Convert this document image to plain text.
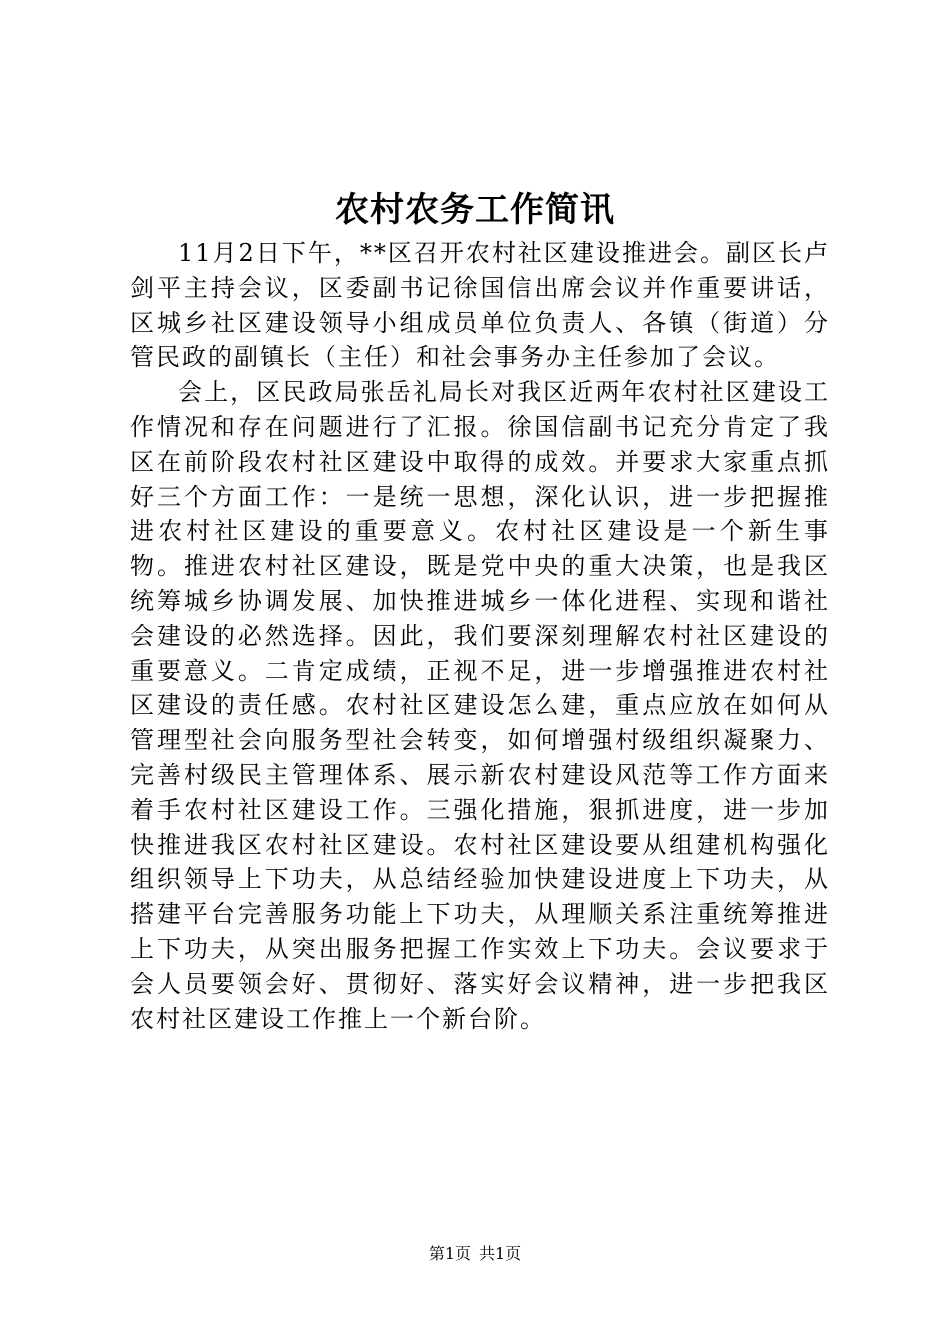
农村农务工作简讯

11月2日下午，**区召开农村社区建设推进会。副区长卢剑平主持会议，区委副书记徐国信出席会议并作重要讲话，区城乡社区建设领导小组成员单位负责人、各镇（街道）分管民政的副镇长（主任）和社会事务办主任参加了会议。

会上，区民政局张岳礼局长对我区近两年农村社区建设工作情况和存在问题进行了汇报。徐国信副书记充分肯定了我区在前阶段农村社区建设中取得的成效。并要求大家重点抓好三个方面工作：一是统一思想，深化认识，进一步把握推进农村社区建设的重要意义。农村社区建设是一个新生事物。推进农村社区建设，既是党中央的重大决策，也是我区统筹城乡协调发展、加快推进城乡一体化进程、实现和谐社会建设的必然选择。因此，我们要深刻理解农村社区建设的重要意义。二肯定成绩，正视不足，进一步增强推进农村社区建设的责任感。农村社区建设怎么建，重点应放在如何从管理型社会向服务型社会转变，如何增强村级组织凝聚力、完善村级民主管理体系、展示新农村建设风范等工作方面来着手农村社区建设工作。三强化措施，狠抓进度，进一步加快推进我区农村社区建设。农村社区建设要从组建机构强化组织领导上下功夫，从总结经验加快建设进度上下功夫，从搭建平台完善服务功能上下功夫，从理顺关系注重统筹推进上下功夫，从突出服务把握工作实效上下功夫。会议要求于会人员要领会好、贯彻好、落实好会议精神，进一步把我区农村社区建设工作推上一个新台阶。

第1页 共1页
